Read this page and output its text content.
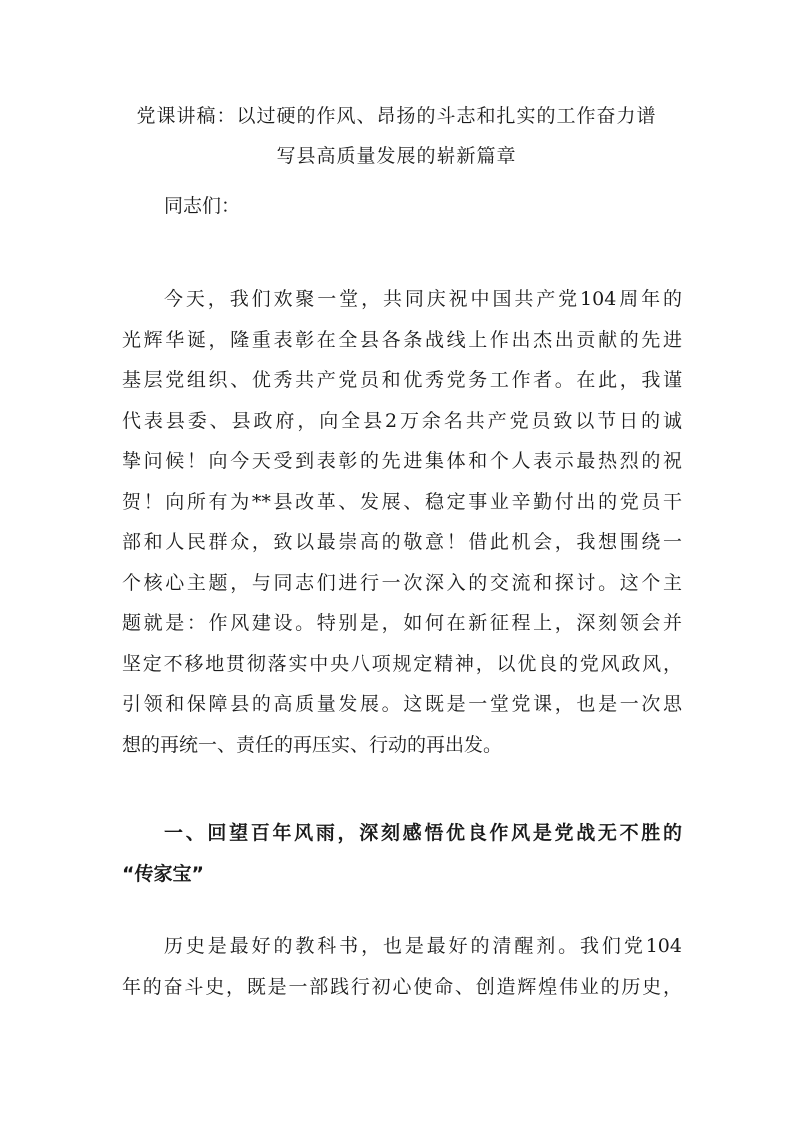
党课讲稿：以过硬的作风、昂扬的斗志和扎实的工作奋力谱
写县高质量发展的崭新篇章
同志们：
今天，我们欢聚一堂，共同庆祝中国共产党104周年的
光辉华诞，隆重表彰在全县各条战线上作出杰出贡献的先进
基层党组织、优秀共产党员和优秀党务工作者。在此，我谨
代表县委、县政府，向全县2万余名共产党员致以节日的诚
挚问候！向今天受到表彰的先进集体和个人表示最热烈的祝
贺！向所有为**县改革、发展、稳定事业辛勤付出的党员干
部和人民群众，致以最崇高的敬意！借此机会，我想围绕一
个核心主题，与同志们进行一次深入的交流和探讨。这个主
题就是：作风建设。特别是，如何在新征程上，深刻领会并
坚定不移地贯彻落实中央八项规定精神，以优良的党风政风，
引领和保障县的高质量发展。这既是一堂党课，也是一次思
想的再统一、责任的再压实、行动的再出发。
一、回望百年风雨，深刻感悟优良作风是党战无不胜的
“传家宝”
历史是最好的教科书，也是最好的清醒剂。我们党104
年的奋斗史，既是一部践行初心使命、创造辉煌伟业的历史，
